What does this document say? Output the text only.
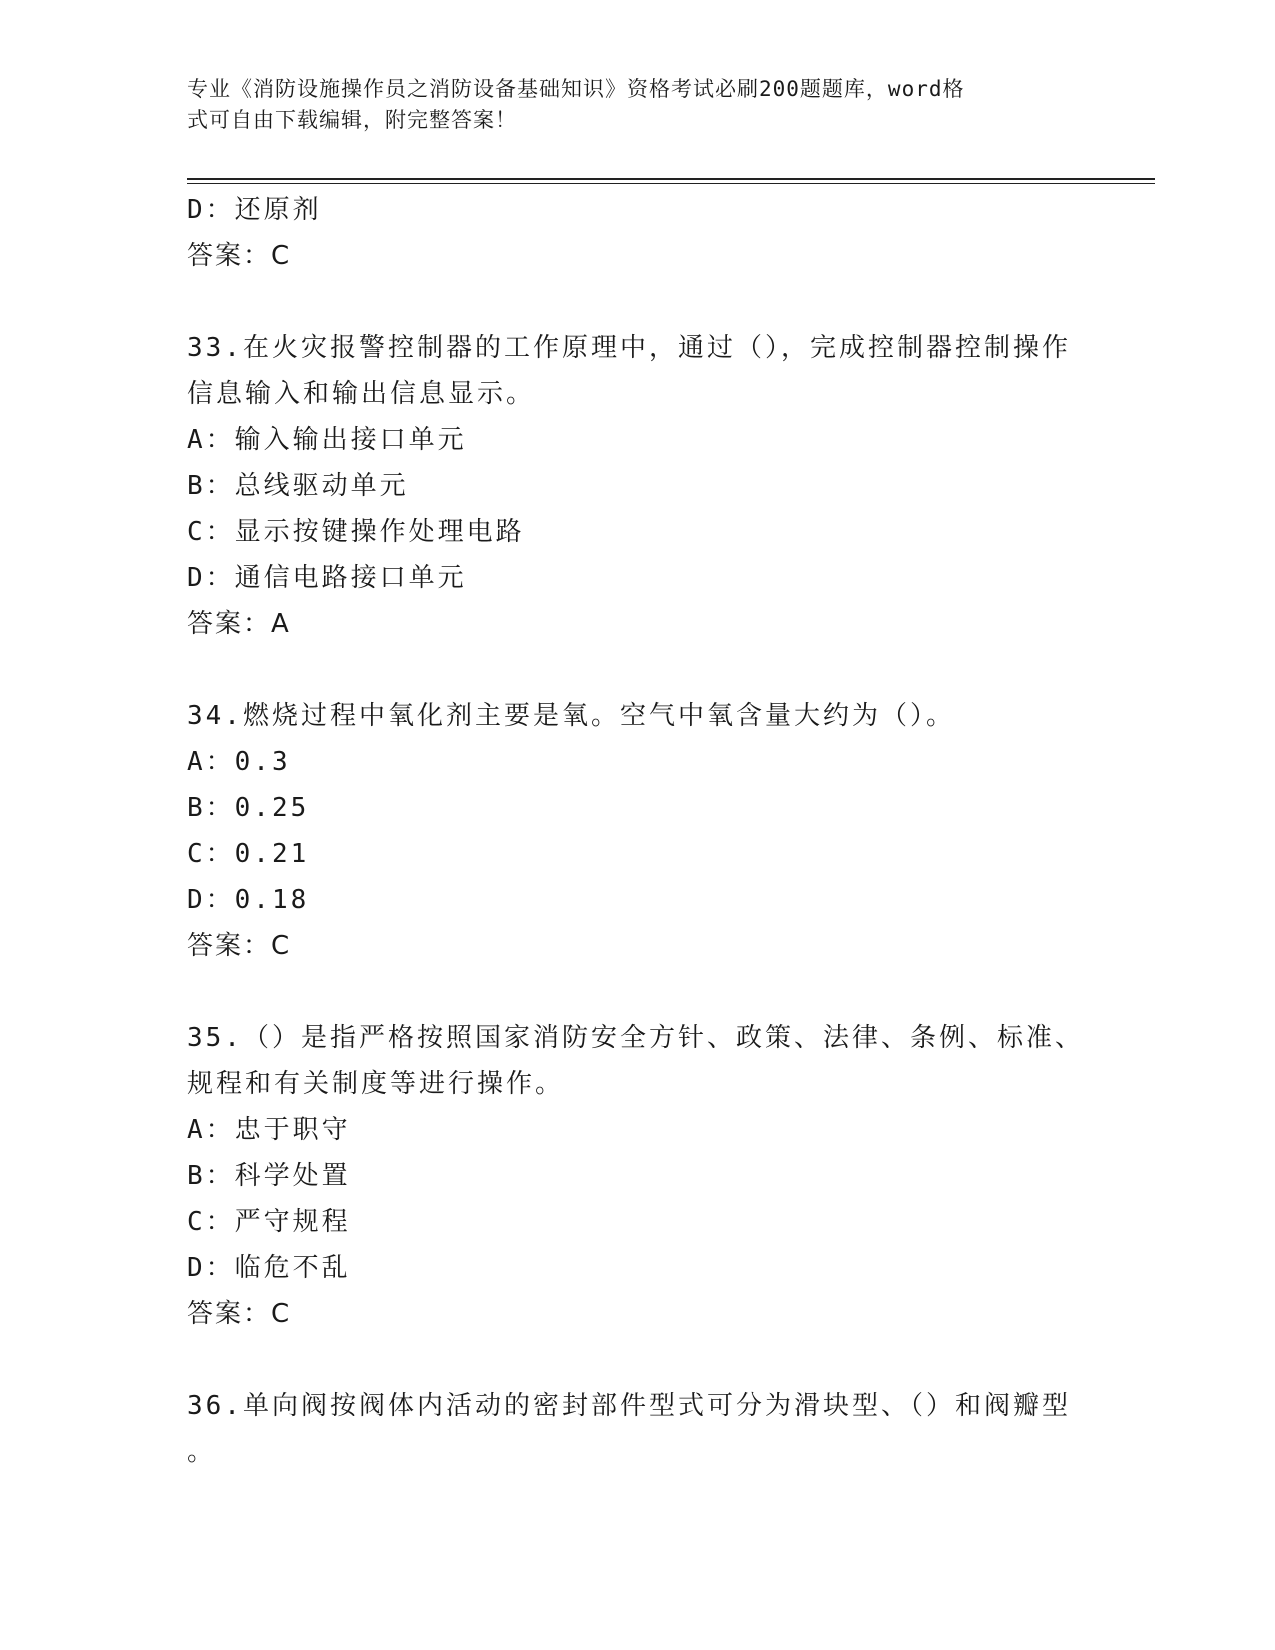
专业《消防设施操作员之消防设备基础知识》资格考试必刷200题题库，word格
式可自由下载编辑，附完整答案！
D：还原剂
答案：C
33.在火灾报警控制器的工作原理中，通过（），完成控制器控制操作
信息输入和输出信息显示。
A：输入输出接口单元
B：总线驱动单元
C：显示按键操作处理电路
D：通信电路接口单元
答案：A
34.燃烧过程中氧化剂主要是氧。空气中氧含量大约为（）。
A：0.3
B：0.25
C：0.21
D：0.18
答案：C
35.（）是指严格按照国家消防安全方针、政策、法律、条例、标准、
规程和有关制度等进行操作。
A：忠于职守
B：科学处置
C：严守规程
D：临危不乱
答案：C
36.单向阀按阀体内活动的密封部件型式可分为滑块型、（）和阀瓣型
。
